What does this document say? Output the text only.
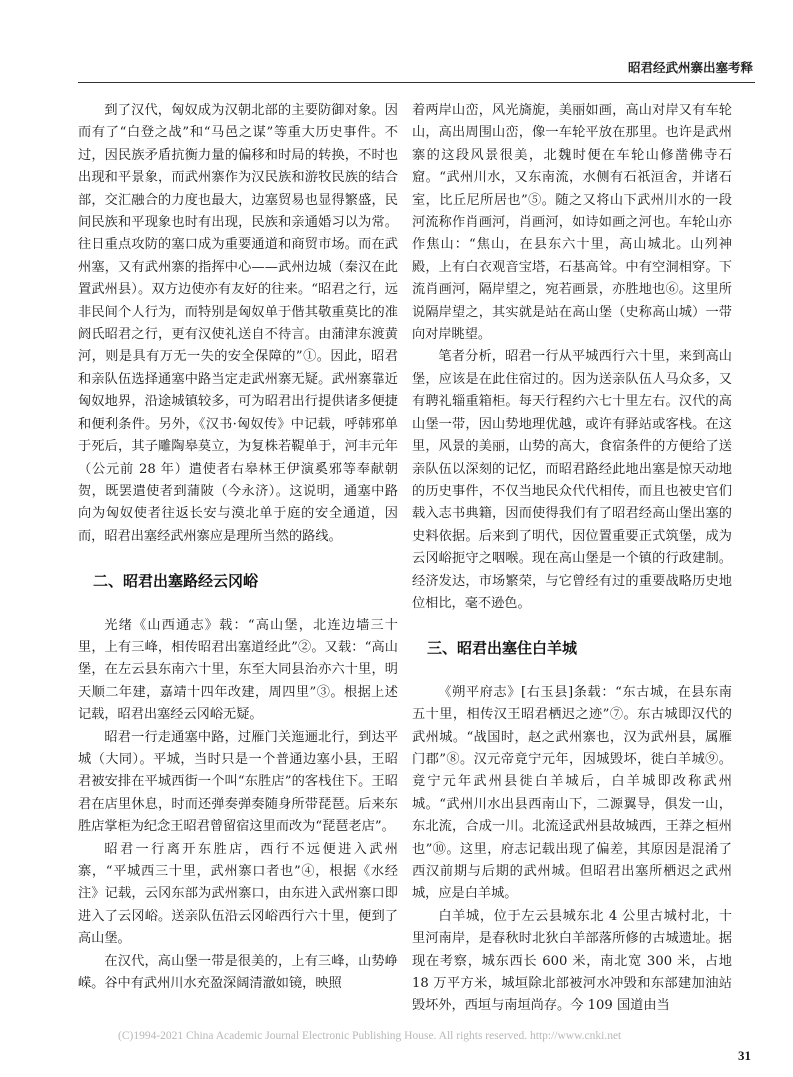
昭君经武州寨出塞考释

到了汉代，匈奴成为汉朝北部的主要防御对象。因而有了“白登之战”和“马邑之谋”等重大历史事件。不过，因民族矛盾抗衡力量的偏移和时局的转换，不时也出现和平景象，而武州寨作为汉民族和游牧民族的结合部，交汇融合的力度也最大，边塞贸易也显得繁盛，民间民族和平现象也时有出现，民族和亲通婚习以为常。往日重点攻防的塞口成为重要通道和商贸市场。而在武州塞，又有武州寨的指挥中心——武州边城（秦汉在此置武州县）。双方边使亦有友好的往来。“昭君之行，远非民间个人行为，而特别是匈奴单于偕其敬重莫比的准阏氏昭君之行，更有汉使礼送自不待言。由蒲津东渡黄河，则是具有万无一失的安全保障的”①。因此，昭君和亲队伍选择通塞中路当定走武州寨无疑。武州寨靠近匈奴地界，沿途城镇较多，可为昭君出行提供诸多便捷和便利条件。另外，《汉书·匈奴传》中记载，呼韩邪单于死后，其子雕陶皋莫立，为复株若鞮单于，河丰元年（公元前 28 年）遣使者右皋林王伊演奚邪等奉献朝贺，既罢遣使者到蒲陂（今永济）。这说明，通塞中路向为匈奴使者往返长安与漠北单于庭的安全通道，因而，昭君出塞经武州寨应是理所当然的路线。

二、昭君出塞路经云冈峪

光绪《山西通志》载：“高山堡，北连边墙三十里，上有三峰，相传昭君出塞道经此”②。又载：“高山堡，在左云县东南六十里，东至大同县治亦六十里，明天顺二年建，嘉靖十四年改建，周四里”③。根据上述记载，昭君出塞经云冈峪无疑。

昭君一行走通塞中路，过雁门关迤逦北行，到达平城（大同）。平城，当时只是一个普通边塞小县，王昭君被安排在平城西街一个叫“东胜店”的客栈住下。王昭君在店里休息，时而还弹奏弹奏随身所带琵琶。后来东胜店掌柜为纪念王昭君曾留宿这里而改为“琵琶老店”。

昭君一行离开东胜店，西行不远便进入武州寨，“平城西三十里，武州寨口者也”④，根据《水经注》记载，云冈东部为武州寨口，由东进入武州寨口即进入了云冈峪。送亲队伍沿云冈峪西行六十里，便到了高山堡。

在汉代，高山堡一带是很美的，上有三峰，山势峥嵘。谷中有武州川水充盈深阔清澈如镜，映照

着两岸山峦，风光旖旎，美丽如画，高山对岸又有车轮山，高出周围山峦，像一车轮平放在那里。也许是武州寨的这段风景很美，北魏时便在车轮山修凿佛寺石窟。“武州川水，又东南流，水侧有石祇洹舍，并诸石室，比丘尼所居也”⑤。随之又将山下武州川水的一段河流称作肖画河，肖画河，如诗如画之河也。车轮山亦作焦山：“焦山，在县东六十里，高山城北。山列神殿，上有白衣观音宝塔，石基高耸。中有空洞相穿。下流肖画河，隔岸望之，宛若画景，亦胜地也⑥。这里所说隔岸望之，其实就是站在高山堡（史称高山城）一带向对岸眺望。

笔者分析，昭君一行从平城西行六十里，来到高山堡，应该是在此住宿过的。因为送亲队伍人马众多，又有聘礼辎重箱柜。每天行程约六七十里左右。汉代的高山堡一带，因山势地理优越，或许有驿站或客栈。在这里，风景的美丽，山势的高大，食宿条件的方便给了送亲队伍以深刻的记忆，而昭君路经此地出塞是惊天动地的历史事件，不仅当地民众代代相传，而且也被史官们载入志书典籍，因而使得我们有了昭君经高山堡出塞的史料依据。后来到了明代，因位置重要正式筑堡，成为云冈峪扼守之咽喉。现在高山堡是一个镇的行政建制。经济发达，市场繁荣，与它曾经有过的重要战略历史地位相比，毫不逊色。

三、昭君出塞住白羊城

《朔平府志》[右玉县]条载：“东古城，在县东南五十里，相传汉王昭君栖迟之迹”⑦。东古城即汉代的武州城。“战国时，赵之武州寨也，汉为武州县，属雁门郡”⑧。汉元帝竟宁元年，因城毁坏，徙白羊城⑨。竟宁元年武州县徙白羊城后，白羊城即改称武州城。“武州川水出县西南山下，二源翼导，俱发一山，东北流，合成一川。北流迳武州县故城西，王莽之桓州也”⑩。这里，府志记载出现了偏差，其原因是混淆了西汉前期与后期的武州城。但昭君出塞所栖迟之武州城，应是白羊城。

白羊城，位于左云县城东北 4 公里古城村北，十里河南岸，是春秋时北狄白羊部落所修的古城遗址。据现在考察，城东西长 600 米，南北宽 300 米，占地 18 万平方米，城垣除北部被河水冲毁和东部建加油站毁坏外，西垣与南垣尚存。今 109 国道由当

(C)1994-2021 China Academic Journal Electronic Publishing House. All rights reserved. http://www.cnki.net
31
